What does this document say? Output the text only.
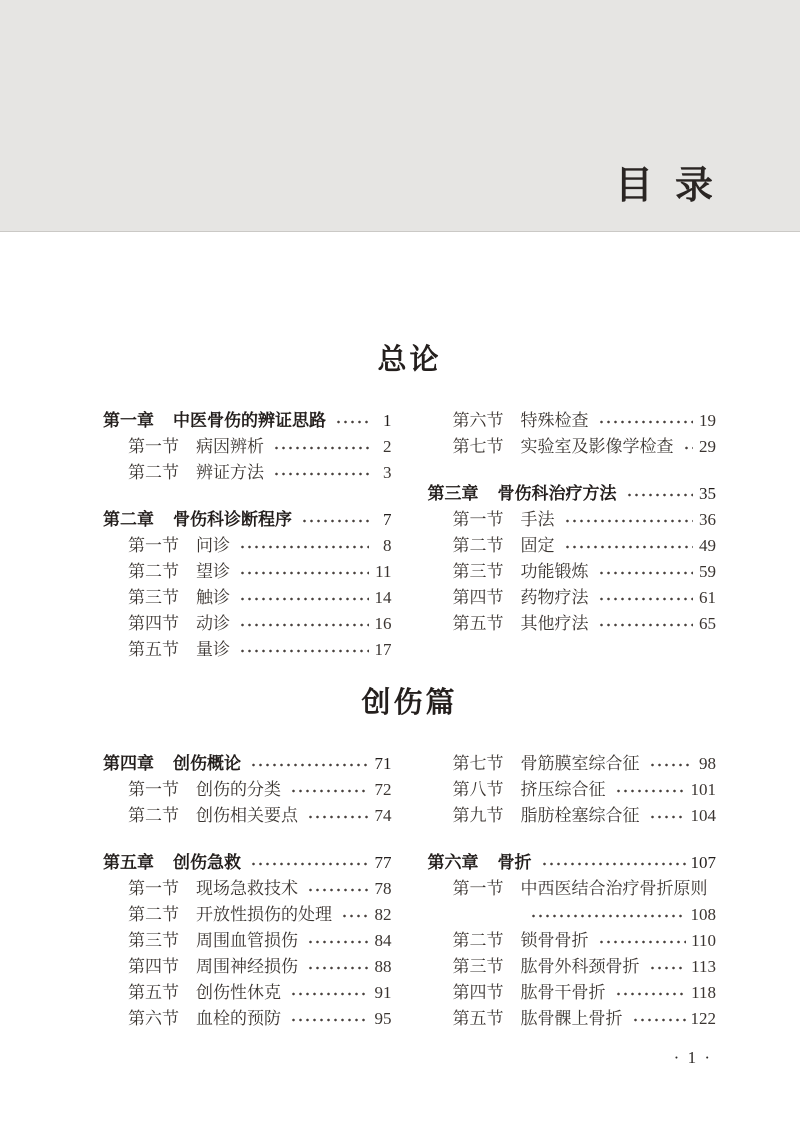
目  录
总论
第一章 中医骨伤的辨证思路	1
第一节 病因辨析	2
第二节 辨证方法	3
第二章 骨伤科诊断程序	7
第一节 问诊	8
第二节 望诊	11
第三节 触诊	14
第四节 动诊	16
第五节 量诊	17
第六节 特殊检查	19
第七节 实验室及影像学检查 29
第三章 骨伤科治疗方法	35
第一节 手法	36
第二节 固定	49
第三节 功能锻炼	59
第四节 药物疗法	61
第五节 其他疗法	65
创伤篇
第四章 创伤概论	71
第一节 创伤的分类	72
第二节 创伤相关要点	74
第五章 创伤急救	77
第一节 现场急救技术	78
第二节 开放性损伤的处理	82
第三节 周围血管损伤	84
第四节 周围神经损伤	88
第五节 创伤性休克	91
第六节 血栓的预防	95
第七节 骨筋膜室综合征	98
第八节 挤压综合征	101
第九节 脂肪栓塞综合征	104
第六章 骨折	107
第一节 中西医结合治疗骨折原则
108
第二节 锁骨骨折	110
第三节 肱骨外科颈骨折	113
第四节 肱骨干骨折	118
第五节 肱骨髁上骨折	122
· 1 ·
